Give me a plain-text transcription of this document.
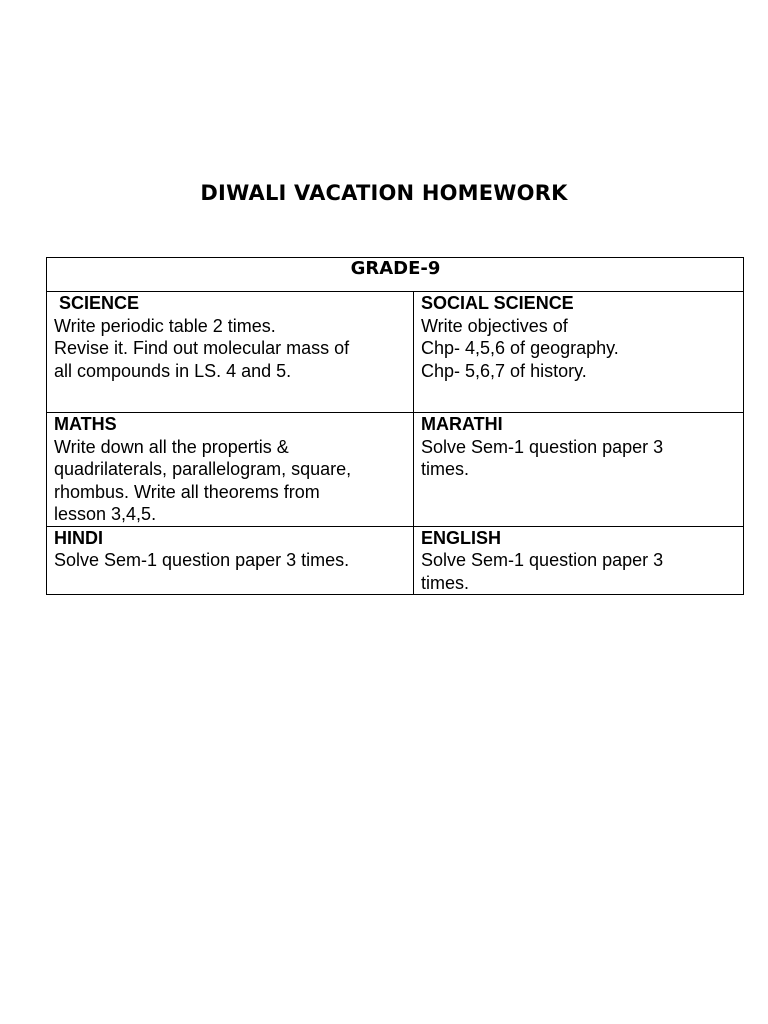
DIWALI VACATION HOMEWORK
GRADE-9	

SCIENCE
Write periodic table 2 times.
Revise it. Find out molecular mass of
all compounds in LS. 4 and 5.	SOCIAL SCIENCE
Write objectives of
Chp- 4,5,6 of geography.
Chp- 5,6,7 of history.

MATHS
Write down all the propertis &
quadrilaterals, parallelogram, square,
rhombus. Write all theorems from
lesson 3,4,5.	MARATHI
Solve Sem-1 question paper 3
times.

HINDI
Solve Sem-1 question paper 3 times.	ENGLISH
Solve Sem-1 question paper 3
times.
